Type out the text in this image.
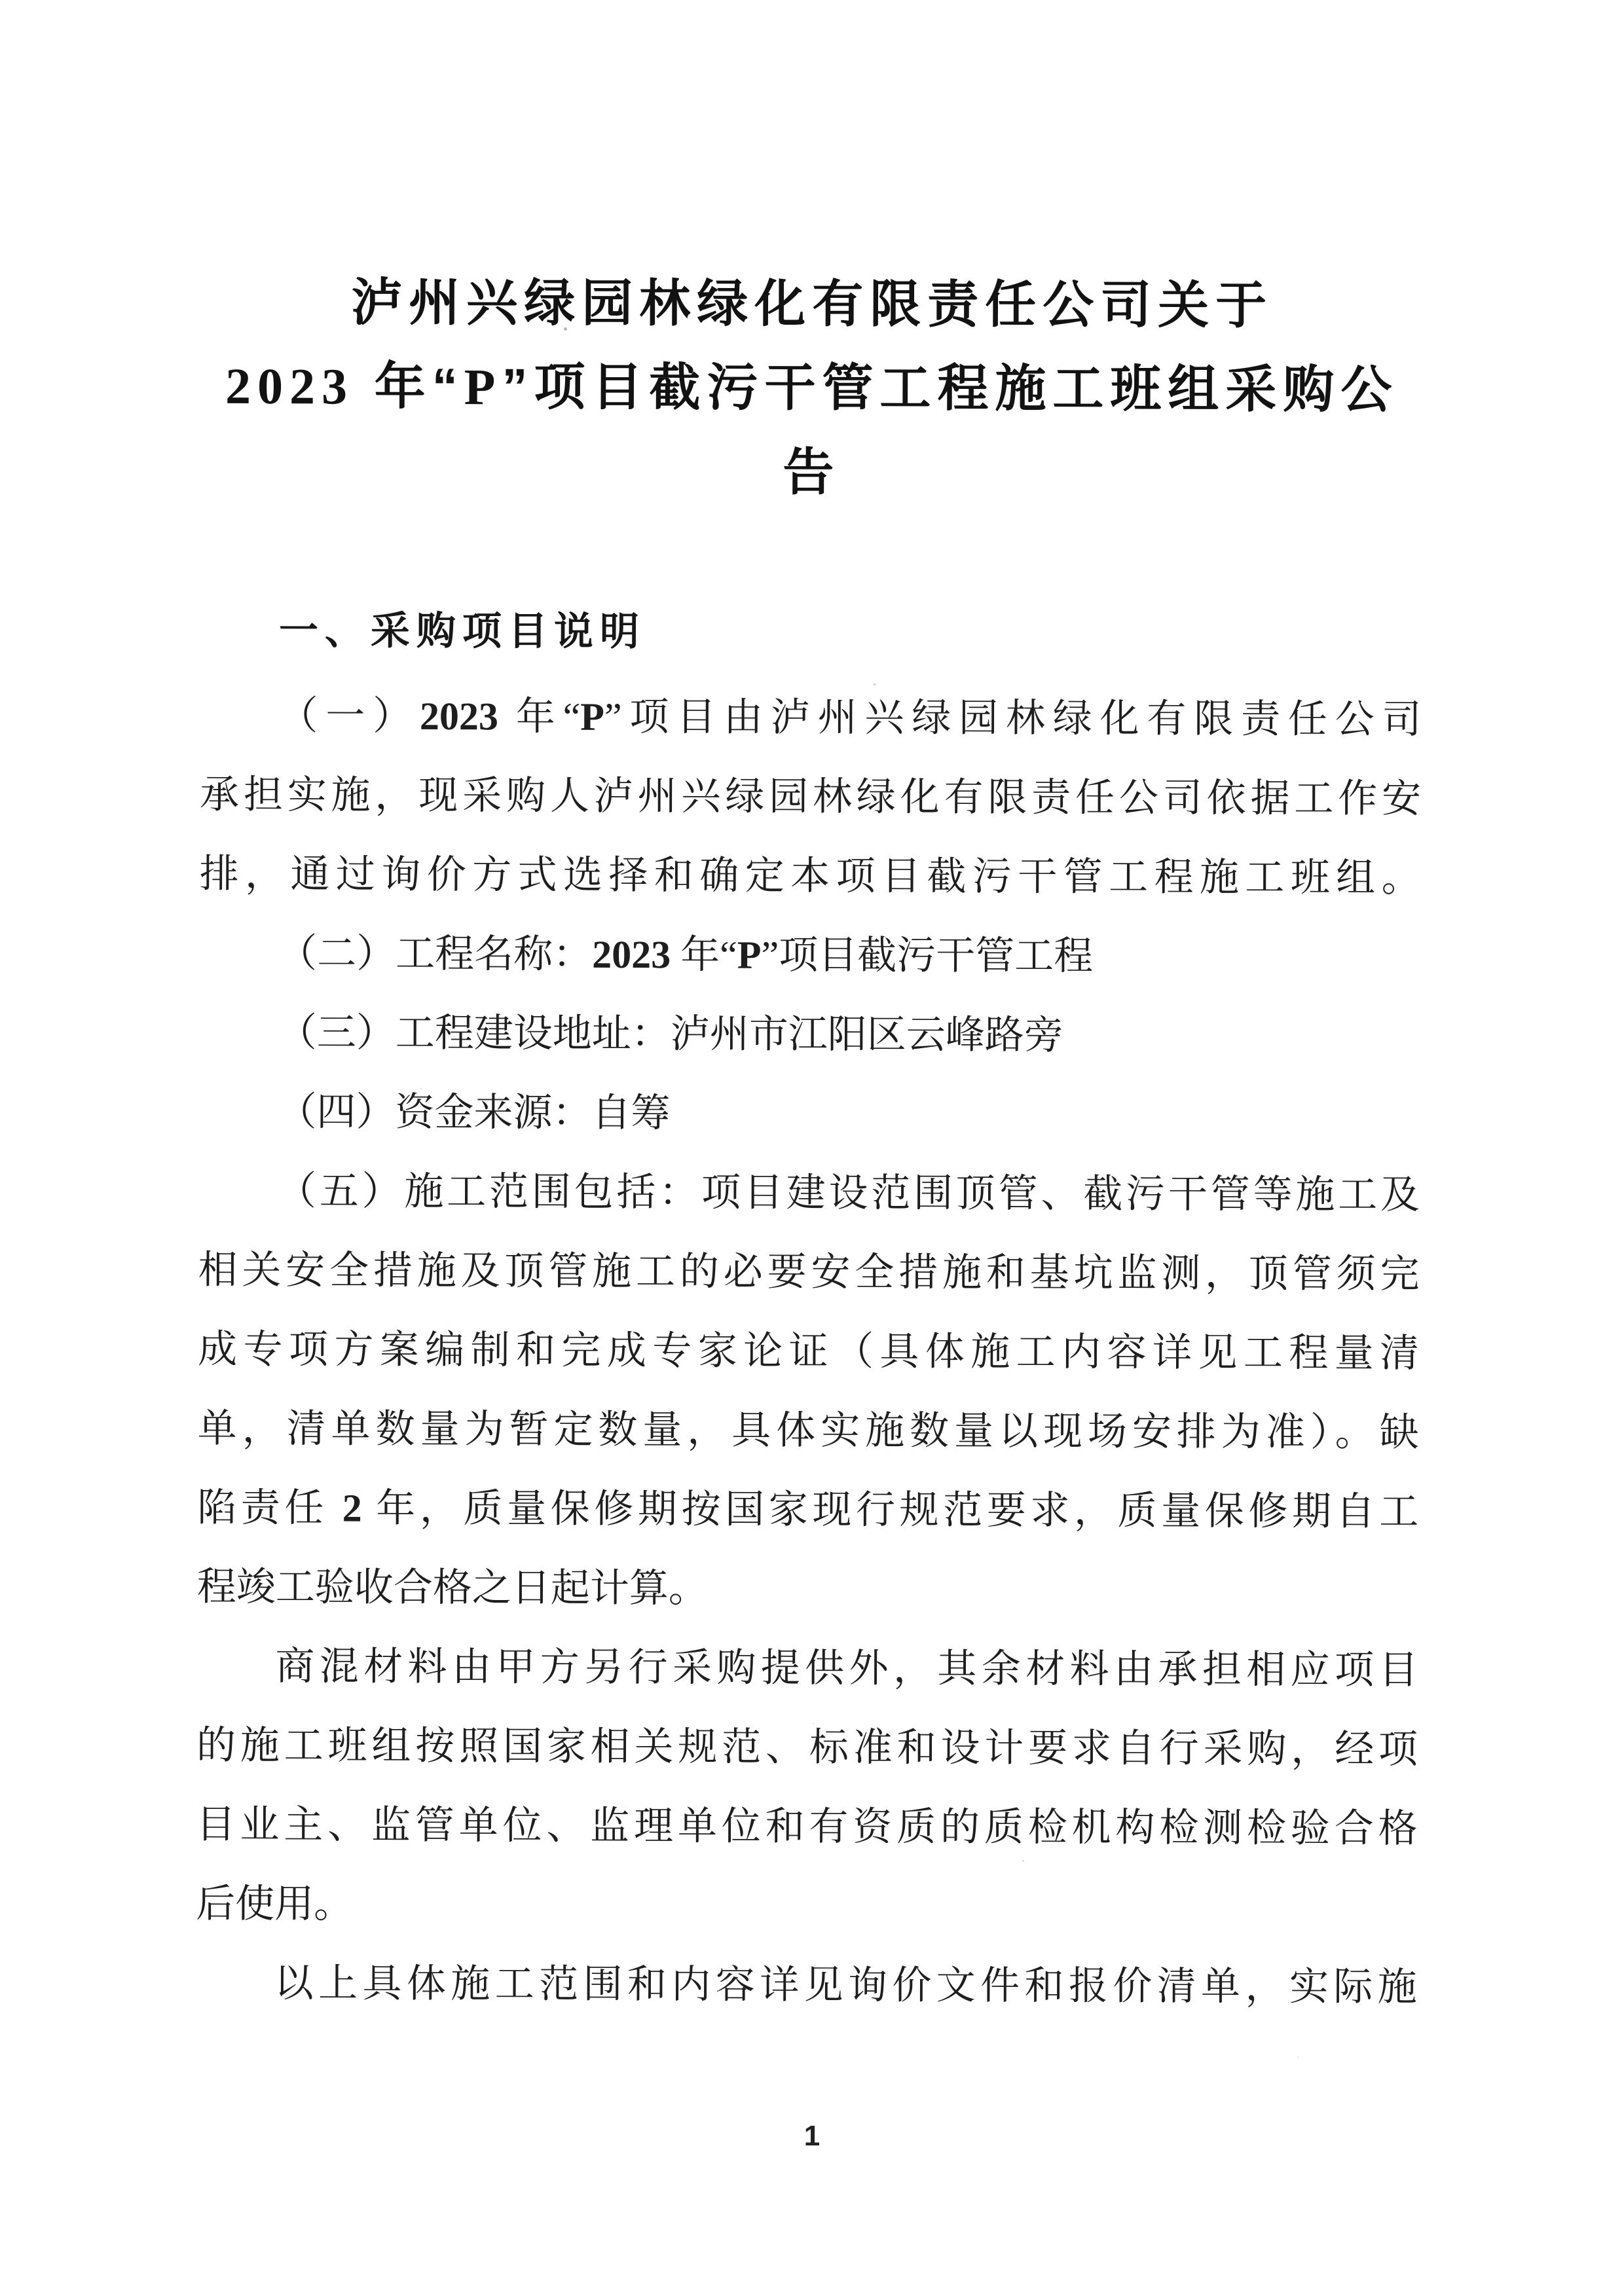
泸州兴绿园林绿化有限责任公司关于
2023 年“P”项目截污干管工程施工班组采购公
告
一、采购项目说明
（一）2023 年“P”项目由泸州兴绿园林绿化有限责任公司
承担实施，现采购人泸州兴绿园林绿化有限责任公司依据工作安
排，通过询价方式选择和确定本项目截污干管工程施工班组。
（二）工程名称：2023 年“P”项目截污干管工程
（三）工程建设地址：泸州市江阳区云峰路旁
（四）资金来源：自筹
（五）施工范围包括：项目建设范围顶管、截污干管等施工及
相关安全措施及顶管施工的必要安全措施和基坑监测，顶管须完
成专项方案编制和完成专家论证（具体施工内容详见工程量清
单，清单数量为暂定数量，具体实施数量以现场安排为准）。缺
陷责任 2 年，质量保修期按国家现行规范要求，质量保修期自工
程竣工验收合格之日起计算。
商混材料由甲方另行采购提供外，其余材料由承担相应项目
的施工班组按照国家相关规范、标准和设计要求自行采购，经项
目业主、监管单位、监理单位和有资质的质检机构检测检验合格
后使用。
以上具体施工范围和内容详见询价文件和报价清单，实际施
1
